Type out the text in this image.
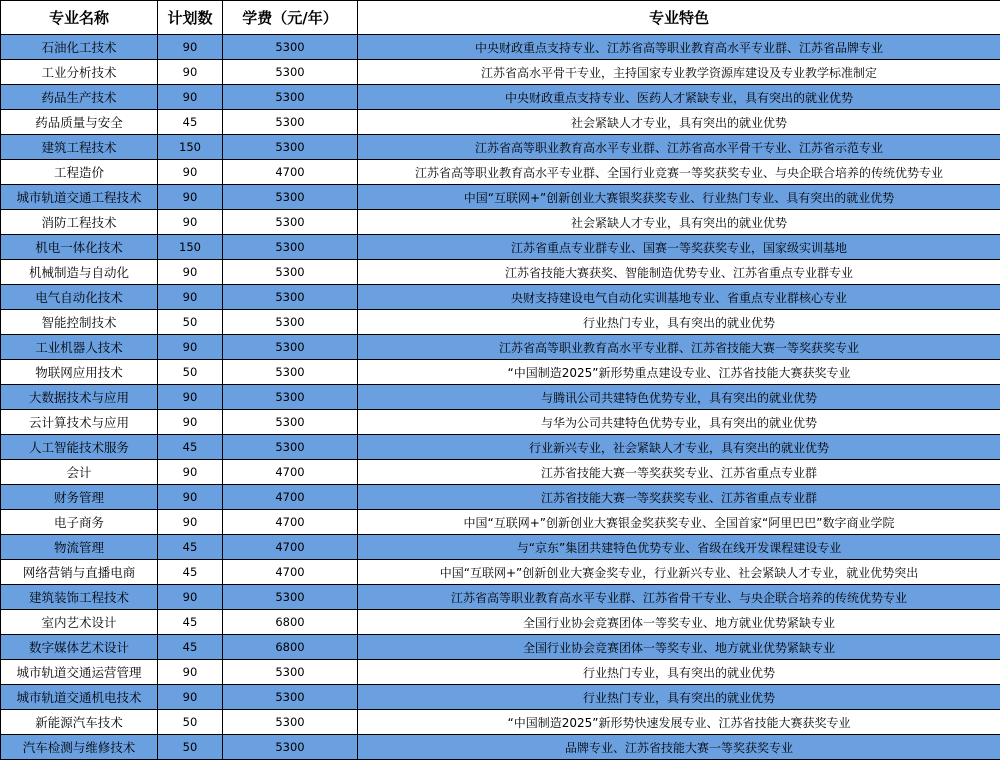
专业名称	计划数	学费（元/年）	专业特色
石油化工技术	90	5300	中央财政重点支持专业、江苏省高等职业教育高水平专业群、江苏省品牌专业
工业分析技术	90	5300	江苏省高水平骨干专业，主持国家专业教学资源库建设及专业教学标准制定
药品生产技术	90	5300	中央财政重点支持专业、医药人才紧缺专业，具有突出的就业优势
药品质量与安全	45	5300	社会紧缺人才专业，具有突出的就业优势
建筑工程技术	150	5300	江苏省高等职业教育高水平专业群、江苏省高水平骨干专业、江苏省示范专业
工程造价	90	4700	江苏省高等职业教育高水平专业群、全国行业竞赛一等奖获奖专业、与央企联合培养的传统优势专业
城市轨道交通工程技术	90	5300	中国“互联网+”创新创业大赛银奖获奖专业、行业热门专业、具有突出的就业优势
消防工程技术	90	5300	社会紧缺人才专业，具有突出的就业优势
机电一体化技术	150	5300	江苏省重点专业群专业、国赛一等奖获奖专业，国家级实训基地
机械制造与自动化	90	5300	江苏省技能大赛获奖、智能制造优势专业、江苏省重点专业群专业
电气自动化技术	90	5300	央财支持建设电气自动化实训基地专业、省重点专业群核心专业
智能控制技术	50	5300	行业热门专业，具有突出的就业优势
工业机器人技术	90	5300	江苏省高等职业教育高水平专业群、江苏省技能大赛一等奖获奖专业
物联网应用技术	50	5300	“中国制造2025”新形势重点建设专业、江苏省技能大赛获奖专业
大数据技术与应用	90	5300	与腾讯公司共建特色优势专业，具有突出的就业优势
云计算技术与应用	90	5300	与华为公司共建特色优势专业，具有突出的就业优势
人工智能技术服务	45	5300	行业新兴专业，社会紧缺人才专业，具有突出的就业优势
会计	90	4700	江苏省技能大赛一等奖获奖专业、江苏省重点专业群
财务管理	90	4700	江苏省技能大赛一等奖获奖专业、江苏省重点专业群
电子商务	90	4700	中国“互联网+”创新创业大赛银金奖获奖专业、全国首家“阿里巴巴”数字商业学院
物流管理	45	4700	与“京东”集团共建特色优势专业、省级在线开发课程建设专业
网络营销与直播电商	45	4700	中国“互联网+”创新创业大赛金奖专业，行业新兴专业、社会紧缺人才专业，就业优势突出
建筑装饰工程技术	90	5300	江苏省高等职业教育高水平专业群、江苏省骨干专业、与央企联合培养的传统优势专业
室内艺术设计	45	6800	全国行业协会竞赛团体一等奖专业、地方就业优势紧缺专业
数字媒体艺术设计	45	6800	全国行业协会竞赛团体一等奖专业、地方就业优势紧缺专业
城市轨道交通运营管理	90	5300	行业热门专业，具有突出的就业优势
城市轨道交通机电技术	90	5300	行业热门专业，具有突出的就业优势
新能源汽车技术	50	5300	“中国制造2025”新形势快速发展专业、江苏省技能大赛获奖专业
汽车检测与维修技术	50	5300	品牌专业、江苏省技能大赛一等奖获奖专业
